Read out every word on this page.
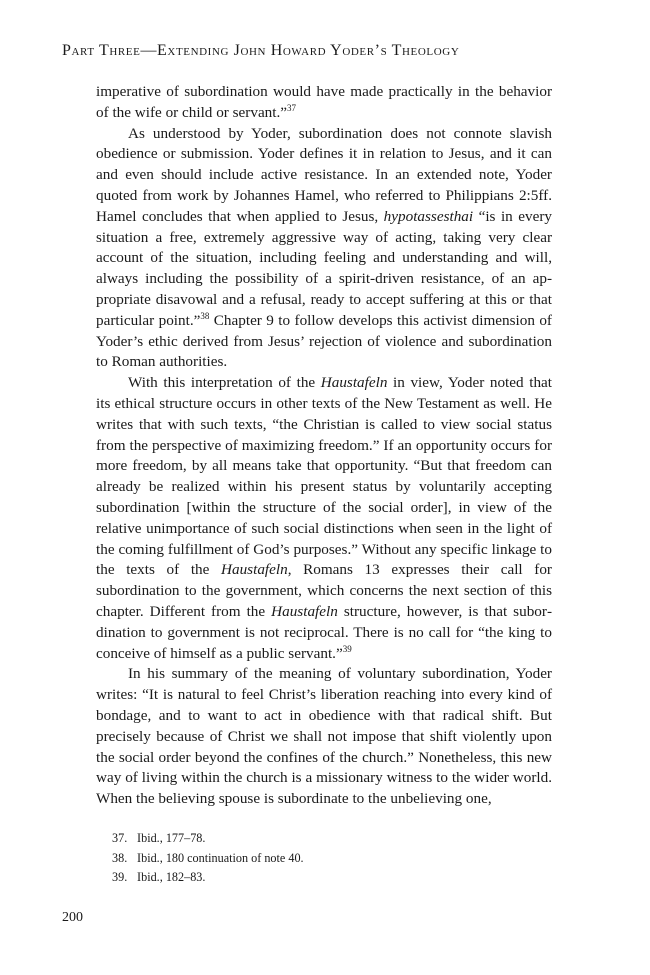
Part Three—Extending John Howard Yoder’s Theology

imperative of subordination would have made practically in the behavior of the wife or child or servant.”$^{37}$

As understood by Yoder, subordination does not connote slavish obedience or submission. Yoder defines it in relation to Jesus, and it can and even should include active resistance. In an extended note, Yoder quoted from work by Johannes Hamel, who referred to Philippians 2:5ff. Hamel concludes that when applied to Jesus, hypotassesthai “is in every situation a free, extremely aggressive way of acting, taking very clear account of the situation, including feeling and understanding and will, always including the possibility of a spirit-driven resistance, of an appropriate disavowal and a refusal, ready to accept suffering at this or that particular point.”$^{38}$ Chapter 9 to follow develops this activist dimension of Yoder’s ethic derived from Jesus’ rejection of violence and subordination to Roman authorities.

With this interpretation of the Haustafeln in view, Yoder noted that its ethical structure occurs in other texts of the New Testament as well. He writes that with such texts, “the Christian is called to view social status from the perspective of maximizing freedom.” If an opportunity occurs for more freedom, by all means take that opportunity. “But that freedom can already be realized within his present status by voluntarily accepting subordination [within the structure of the social order], in view of the relative unimportance of such social distinctions when seen in the light of the coming fulfillment of God’s purposes.” Without any specific linkage to the texts of the Haustafeln, Romans 13 expresses their call for subordination to the government, which concerns the next section of this chapter. Different from the Haustafeln structure, however, is that subordination to government is not reciprocal. There is no call for “the king to conceive of himself as a public servant.”$^{39}$

In his summary of the meaning of voluntary subordination, Yoder writes: “It is natural to feel Christ’s liberation reaching into every kind of bondage, and to want to act in obedience with that radical shift. But precisely because of Christ we shall not impose that shift violently upon the social order beyond the confines of the church.” Nonetheless, this new way of living within the church is a missionary witness to the wider world. When the believing spouse is subordinate to the unbelieving one,

37. Ibid., 177–78.
38. Ibid., 180 continuation of note 40.
39. Ibid., 182–83.
200
